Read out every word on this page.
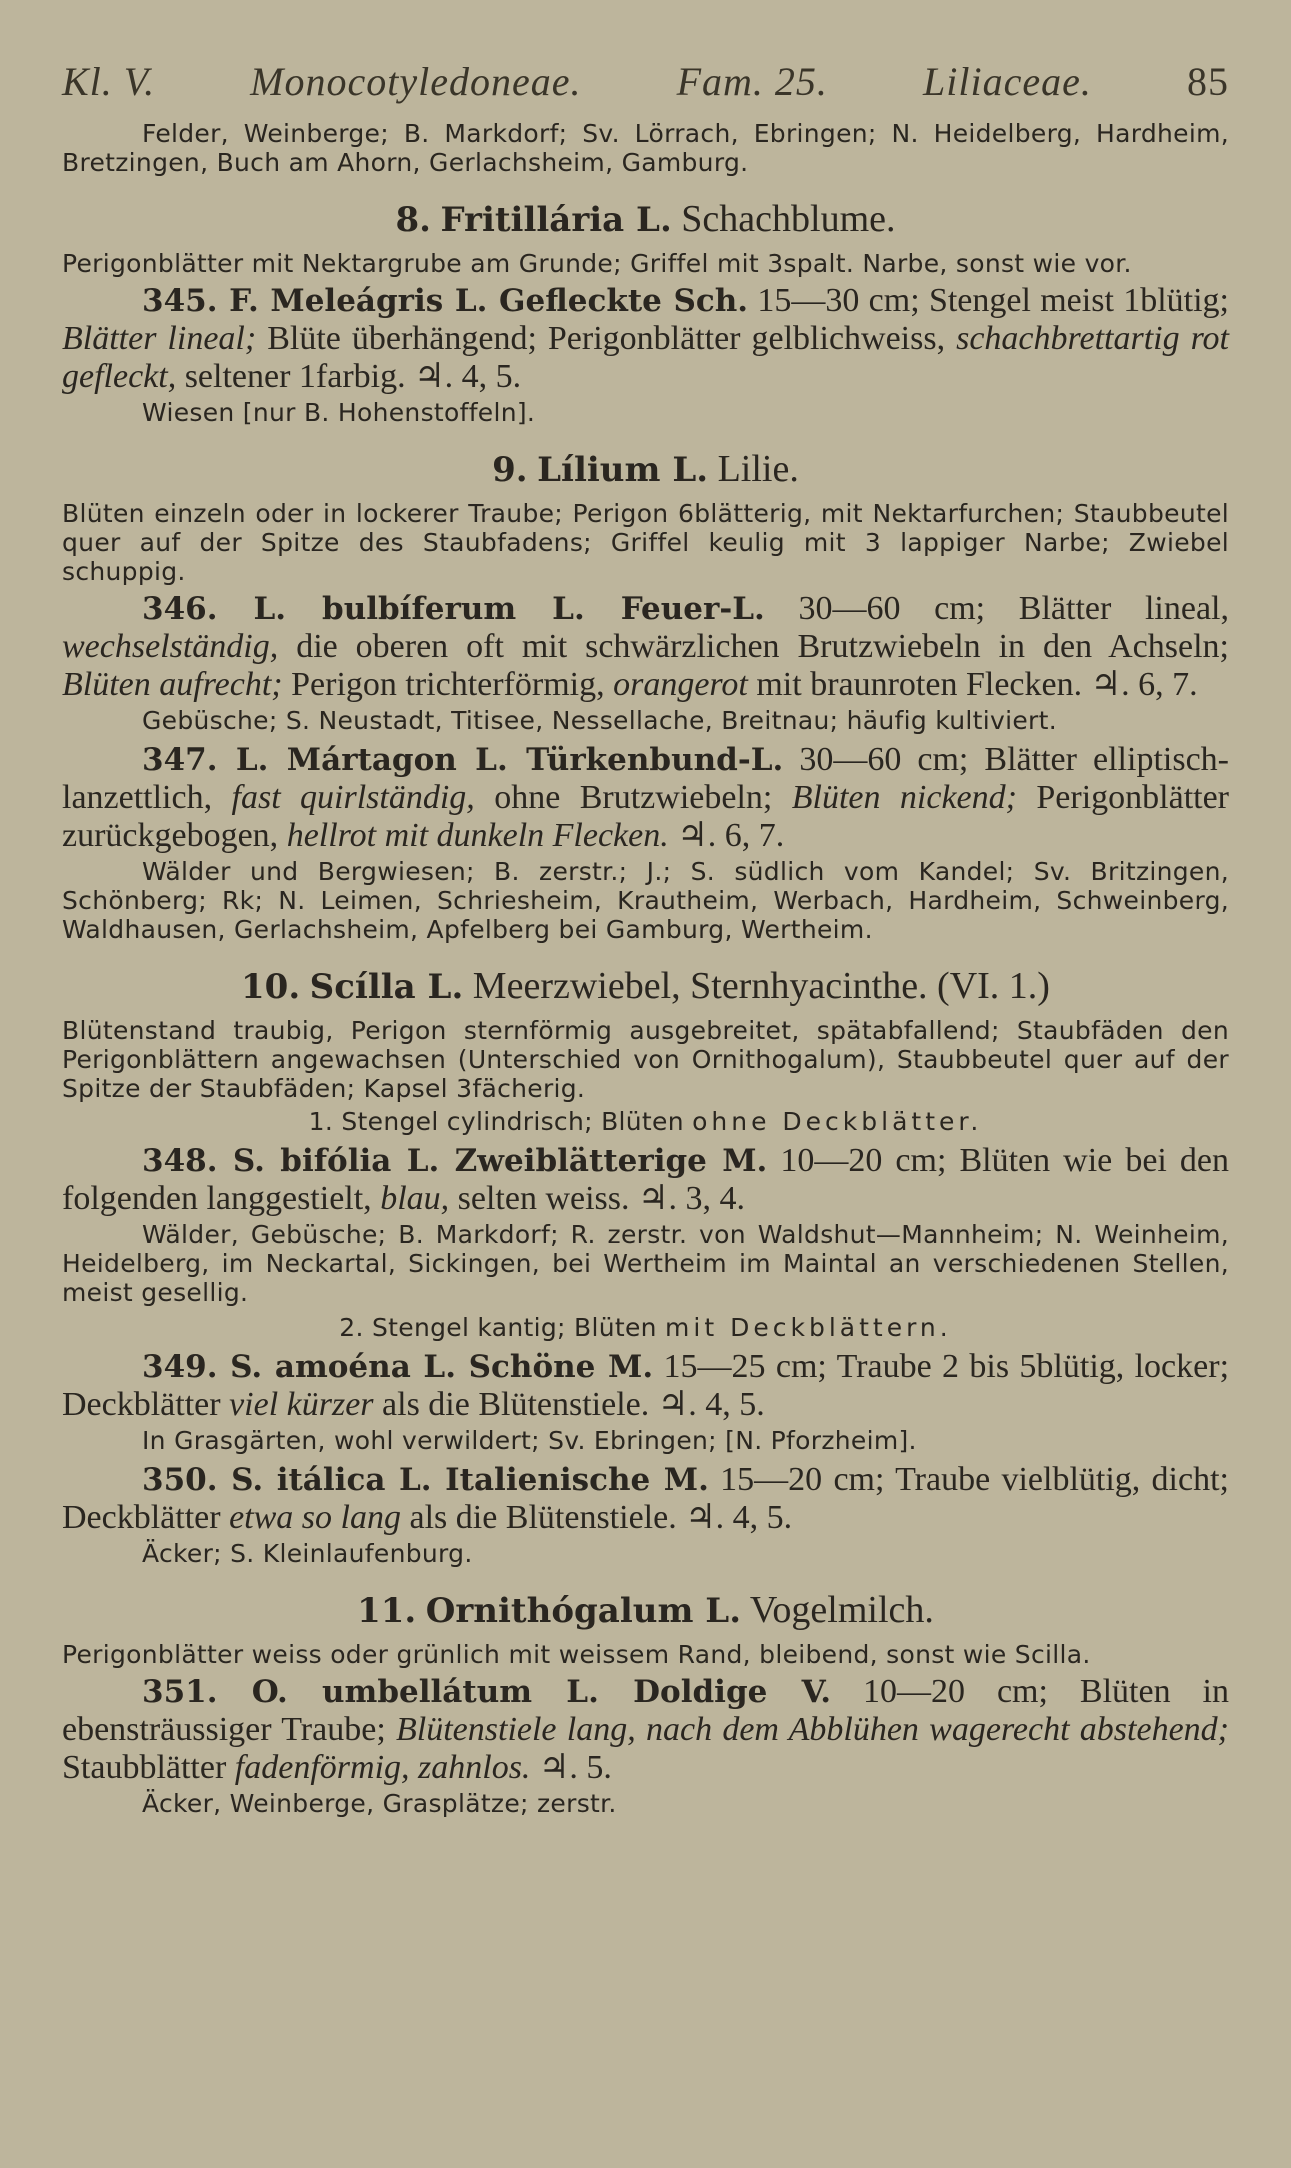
Kl. V. Monocotyledoneae. Fam. 25. Liliaceae. 85
Felder, Weinberge; B. Markdorf; Sv. Lörrach, Ebringen; N. Heidelberg, Hardheim, Bretzingen, Buch am Ahorn, Gerlachsheim, Gamburg.
8. Fritillária L. Schachblume.
Perigonblätter mit Nektargrube am Grunde; Griffel mit 3spalt. Narbe, sonst wie vor.
345. F. Meleágris L. Gefleckte Sch. 15—30 cm; Stengel meist 1blütig; Blätter lineal; Blüte überhängend; Perigonblätter gelblichweiss, schachbrettartig rot gefleckt, seltener 1farbig. ♃. 4, 5.
Wiesen [nur B. Hohenstoffeln].
9. Lílium L. Lilie.
Blüten einzeln oder in lockerer Traube; Perigon 6blätterig, mit Nektarfurchen; Staubbeutel quer auf der Spitze des Staubfadens; Griffel keulig mit 3 lappiger Narbe; Zwiebel schuppig.
346. L. bulbíferum L. Feuer-L. 30—60 cm; Blätter lineal, wechselständig, die oberen oft mit schwärzlichen Brutzwiebeln in den Achseln; Blüten aufrecht; Perigon trichterförmig, orangerot mit braunroten Flecken. ♃. 6, 7.
Gebüsche; S. Neustadt, Titisee, Nessellache, Breitnau; häufig kultiviert.
347. L. Mártagon L. Türkenbund-L. 30—60 cm; Blätter elliptisch-lanzettlich, fast quirlständig, ohne Brutzwiebeln; Blüten nickend; Perigonblätter zurückgebogen, hellrot mit dunkeln Flecken. ♃. 6, 7.
Wälder und Bergwiesen; B. zerstr.; J.; S. südlich vom Kandel; Sv. Britzingen, Schönberg; Rk; N. Leimen, Schriesheim, Krautheim, Werbach, Hardheim, Schweinberg, Waldhausen, Gerlachsheim, Apfelberg bei Gamburg, Wertheim.
10. Scílla L. Meerzwiebel, Sternhyacinthe. (VI. 1.)
Blütenstand traubig, Perigon sternförmig ausgebreitet, spätabfallend; Staubfäden den Perigonblättern angewachsen (Unterschied von Ornithogalum), Staubbeutel quer auf der Spitze der Staubfäden; Kapsel 3fächerig.
1. Stengel cylindrisch; Blüten ohne Deckblätter.
348. S. bifólia L. Zweiblätterige M. 10—20 cm; Blüten wie bei den folgenden langgestielt, blau, selten weiss. ♃. 3, 4.
Wälder, Gebüsche; B. Markdorf; R. zerstr. von Waldshut—Mannheim; N. Weinheim, Heidelberg, im Neckartal, Sickingen, bei Wertheim im Maintal an verschiedenen Stellen, meist gesellig.
2. Stengel kantig; Blüten mit Deckblättern.
349. S. amoéna L. Schöne M. 15—25 cm; Traube 2 bis 5blütig, locker; Deckblätter viel kürzer als die Blütenstiele. ♃. 4, 5.
In Grasgärten, wohl verwildert; Sv. Ebringen; [N. Pforzheim].
350. S. itálica L. Italienische M. 15—20 cm; Traube vielblütig, dicht; Deckblätter etwa so lang als die Blütenstiele. ♃. 4, 5.
Äcker; S. Kleinlaufenburg.
11. Ornithógalum L. Vogelmilch.
Perigonblätter weiss oder grünlich mit weissem Rand, bleibend, sonst wie Scilla.
351. O. umbellátum L. Doldige V. 10—20 cm; Blüten in ebensträussiger Traube; Blütenstiele lang, nach dem Abblühen wagerecht abstehend; Staubblätter fadenförmig, zahnlos. ♃. 5.
Äcker, Weinberge, Grasplätze; zerstr.
